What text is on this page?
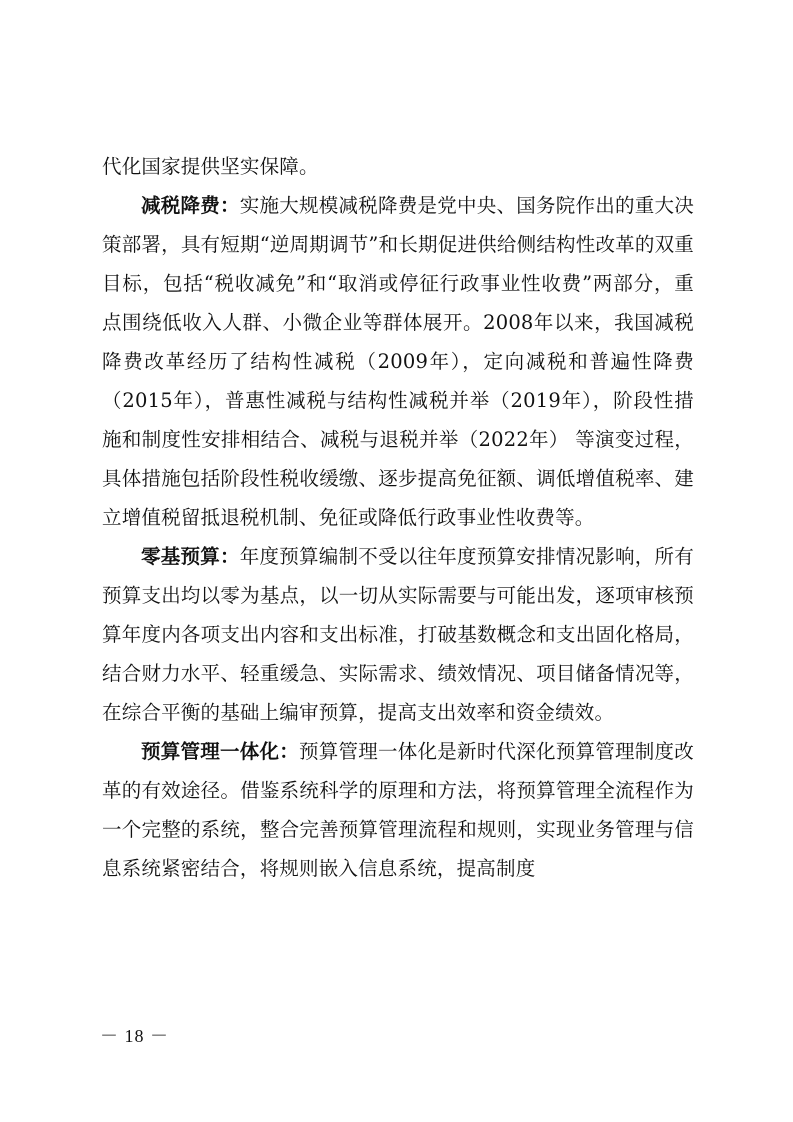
代化国家提供坚实保障。

减税降费：实施大规模减税降费是党中央、国务院作出的重大决策部署，具有短期“逆周期调节”和长期促进供给侧结构性改革的双重目标，包括“税收减免”和“取消或停征行政事业性收费”两部分，重点围绕低收入人群、小微企业等群体展开。2008年以来，我国减税降费改革经历了结构性减税（2009年），定向减税和普遍性降费（2015年），普惠性减税与结构性减税并举（2019年），阶段性措施和制度性安排相结合、减税与退税并举（2022年） 等演变过程，具体措施包括阶段性税收缓缴、逐步提高免征额、调低增值税率、建立增值税留抵退税机制、免征或降低行政事业性收费等。

零基预算：年度预算编制不受以往年度预算安排情况影响，所有预算支出均以零为基点，以一切从实际需要与可能出发，逐项审核预算年度内各项支出内容和支出标准，打破基数概念和支出固化格局，结合财力水平、轻重缓急、实际需求、绩效情况、项目储备情况等，在综合平衡的基础上编审预算，提高支出效率和资金绩效。

预算管理一体化：预算管理一体化是新时代深化预算管理制度改革的有效途径。借鉴系统科学的原理和方法，将预算管理全流程作为一个完整的系统，整合完善预算管理流程和规则，实现业务管理与信息系统紧密结合，将规则嵌入信息系统，提高制度

－ 18 －
